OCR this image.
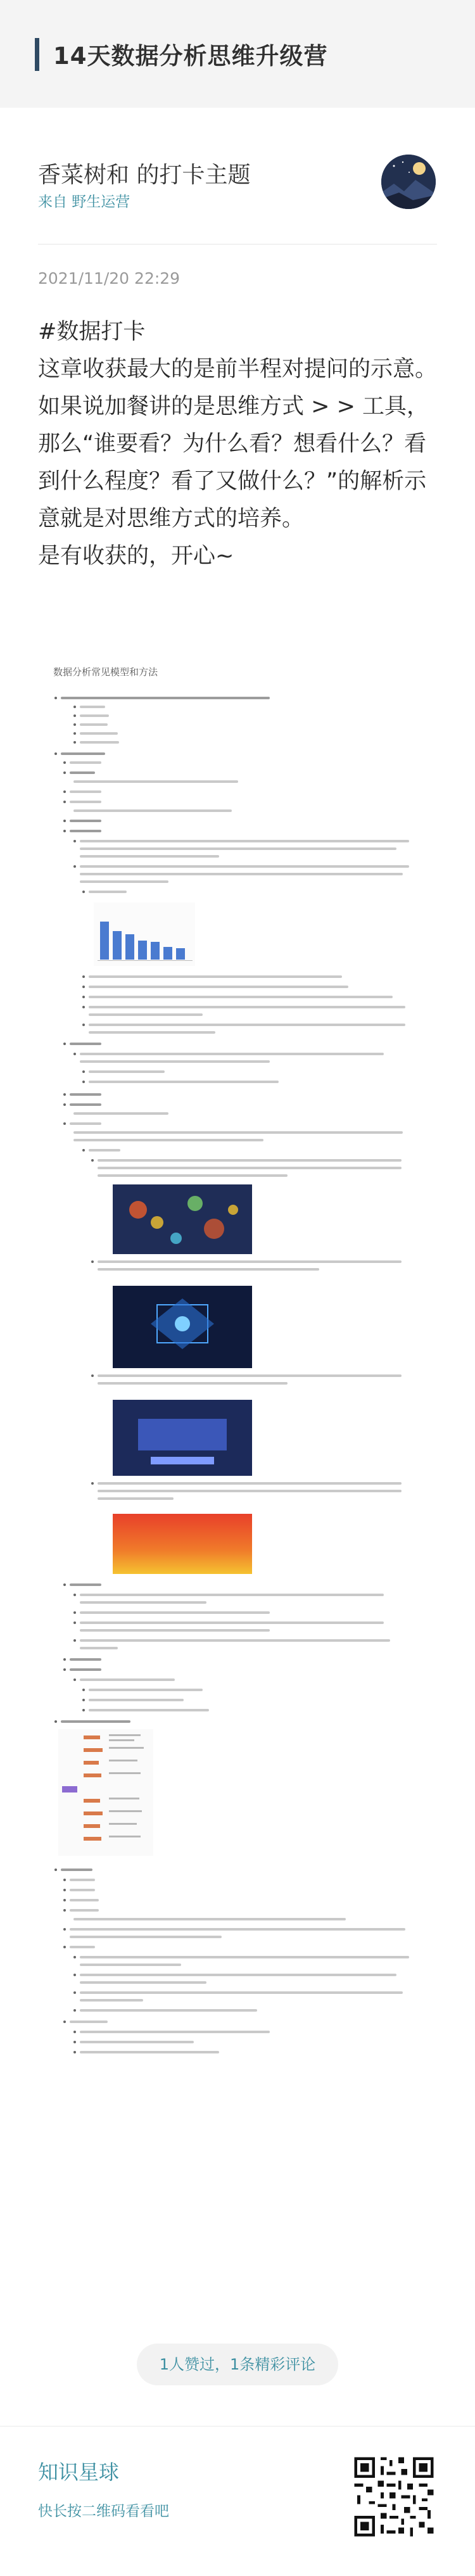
14天数据分析思维升级营
香菜树和 的打卡主题
来自 野生运营
2021/11/20 22:29

#数据打卡

这章收获最大的是前半程对提问的示意。如果说加餐讲的是思维方式 > > 工具，那么“谁要看？为什么看？想看什么？看到什么程度？看了又做什么？”的解析示意就是对思维方式的培养。

是有收获的，开心~

数据分析常见模型和方法
1人赞过，1条精彩评论
知识星球
快长按二维码看看吧
